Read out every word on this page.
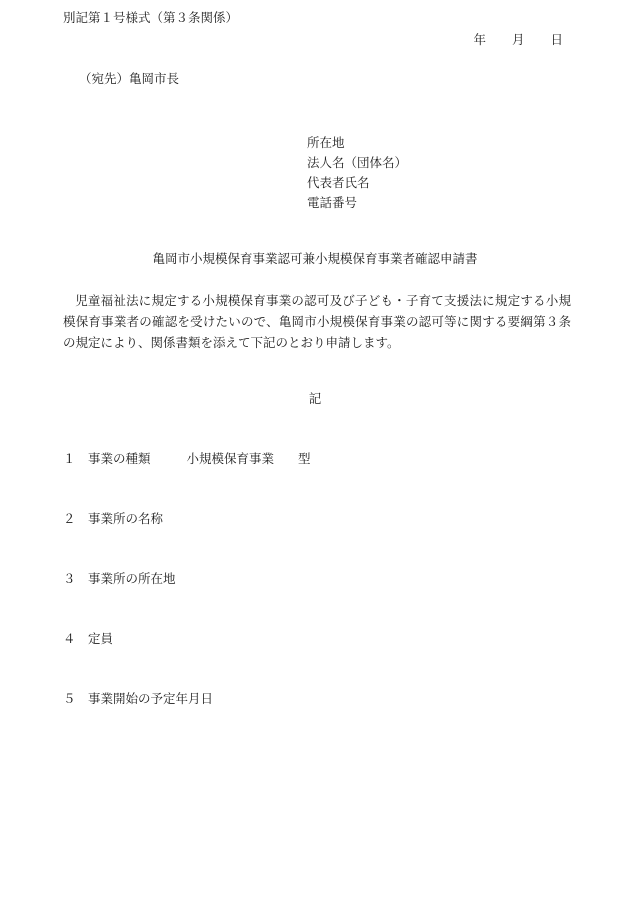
別記第１号様式（第３条関係）
年 月 日
（宛先）亀岡市長
所在地
法人名（団体名）
代表者氏名
電話番号
亀岡市小規模保育事業認可兼小規模保育事業者確認申請書
児童福祉法に規定する小規模保育事業の認可及び子ども・子育て支援法に規定する小規模保育事業者の確認を受けたいので、亀岡市小規模保育事業の認可等に関する要綱第３条の規定により、関係書類を添えて下記のとおり申請します。
記
１ 事業の種類	小規模保育事業 型
２ 事業所の名称
３ 事業所の所在地
４ 定員
５ 事業開始の予定年月日
